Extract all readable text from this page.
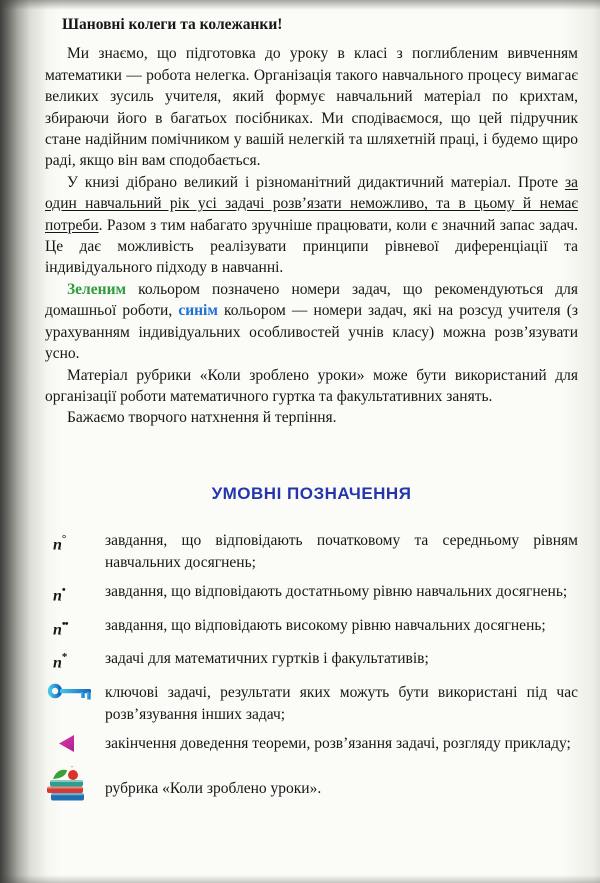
Шановні колеги та колежанки!

Ми знаємо, що підготовка до уроку в класі з поглибленим вивченням математики — робота нелегка. Організація такого навчального процесу вимагає великих зусиль учителя, який формує навчальний матеріал по крихтам, збираючи його в багатьох посібниках. Ми сподіваємося, що цей підручник стане надійним помічником у вашій нелегкій та шляхетній праці, і будемо щиро раді, якщо він вам сподобається.

У книзі дібрано великий і різноманітний дидактичний матеріал. Проте за один навчальний рік усі задачі розв’язати неможливо, та в цьому й немає потреби. Разом з тим набагато зручніше працювати, коли є значний запас задач. Це дає можливість реалізувати принципи рівневої диференціації та індивідуального підходу в навчанні.

Зеленим кольором позначено номери задач, що рекомендуються для домашньої роботи, синім кольором — номери задач, які на розсуд учителя (з урахуванням індивідуальних особливостей учнів класу) можна розв’язувати усно.

Матеріал рубрики «Коли зроблено уроки» може бути використаний для організації роботи математичного гуртка та факультативних занять.

Бажаємо творчого натхнення й терпіння.

УМОВНІ ПОЗНАЧЕННЯ
n°	завдання, що відповідають початковому та середньому рівням навчальних досягнень;
n•	завдання, що відповідають достатньому рівню навчальних досягнень;
n••	завдання, що відповідають високому рівню навчальних досягнень;
n*	задачі для математичних гуртків і факультативів;
ключові задачі, результати яких можуть бути використані під час розв’язування інших задач;
закінчення доведення теореми, розв’язання задачі, розгляду прикладу;
рубрика «Коли зроблено уроки».
